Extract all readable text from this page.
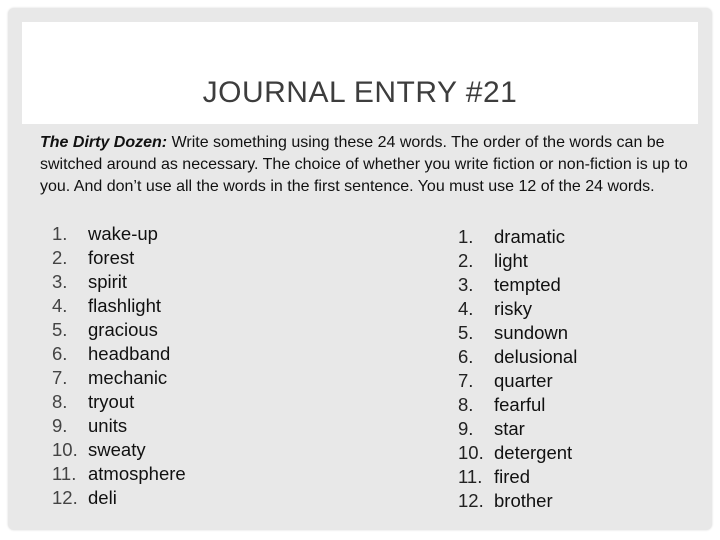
JOURNAL ENTRY #21
The Dirty Dozen: Write something using these 24 words. The order of the words can be switched around as necessary. The choice of whether you write fiction or non-fiction is up to you. And don’t use all the words in the first sentence. You must use 12 of the 24 words.
1.	wake-up
2.	forest
3.	spirit
4.	flashlight
5.	gracious
6.	headband
7.	mechanic
8.	tryout
9.	units
10. sweaty
11. atmosphere
12. deli
1.	dramatic
2.	light
3.	tempted
4.	risky
5.	sundown
6.	delusional
7.	quarter
8.	fearful
9.	star
10. detergent
11. fired
12. brother
